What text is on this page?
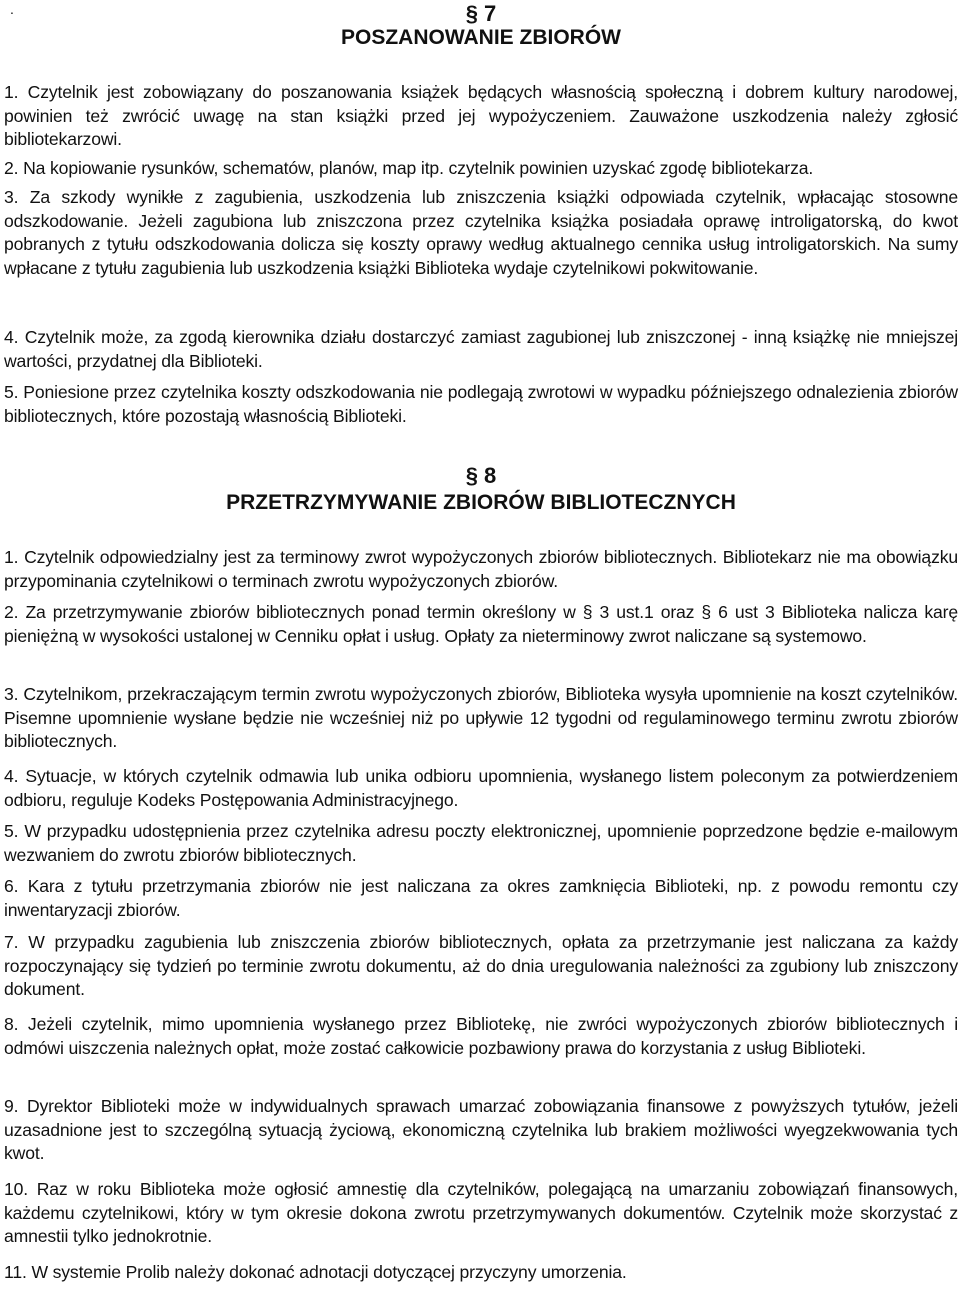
.	§ 7
POSZANOWANIE ZBIORÓW

1. Czytelnik jest zobowiązany do poszanowania książek będących własnością społeczną i dobrem kultury narodowej, powinien też zwrócić uwagę na stan książki przed jej wypożyczeniem. Zauważone uszkodzenia należy zgłosić bibliotekarzowi.

2. Na kopiowanie rysunków, schematów, planów, map itp. czytelnik powinien uzyskać zgodę bibliotekarza.

3. Za szkody wynikłe z zagubienia, uszkodzenia lub zniszczenia książki odpowiada czytelnik, wpłacając stosowne odszkodowanie. Jeżeli zagubiona lub zniszczona przez czytelnika książka posiadała oprawę introligatorską, do kwot pobranych z tytułu odszkodowania dolicza się koszty oprawy według aktualnego cennika usług introligatorskich. Na sumy wpłacane z tytułu zagubienia lub uszkodzenia książki Biblioteka wydaje czytelnikowi pokwitowanie.

4. Czytelnik może, za zgodą kierownika działu dostarczyć zamiast zagubionej lub zniszczonej - inną książkę nie mniejszej wartości, przydatnej dla Biblioteki.

5. Poniesione przez czytelnika koszty odszkodowania nie podlegają zwrotowi w wypadku późniejszego odnalezienia zbiorów bibliotecznych, które pozostają własnością Biblioteki.

§ 8
PRZETRZYMYWANIE ZBIORÓW BIBLIOTECZNYCH

1. Czytelnik odpowiedzialny jest za terminowy zwrot wypożyczonych zbiorów bibliotecznych. Bibliotekarz nie ma obowiązku przypominania czytelnikowi o terminach zwrotu wypożyczonych zbiorów.

2. Za przetrzymywanie zbiorów bibliotecznych ponad termin określony w § 3 ust.1 oraz § 6 ust 3 Biblioteka nalicza karę pieniężną w wysokości ustalonej w Cenniku opłat i usług. Opłaty za nieterminowy zwrot naliczane są systemowo.

3. Czytelnikom, przekraczającym termin zwrotu wypożyczonych zbiorów, Biblioteka wysyła upomnienie na koszt czytelników. Pisemne upomnienie wysłane będzie nie wcześniej niż po upływie 12 tygodni od regulaminowego terminu zwrotu zbiorów bibliotecznych.

4. Sytuacje, w których czytelnik odmawia lub unika odbioru upomnienia, wysłanego listem poleconym za potwierdzeniem odbioru, reguluje Kodeks Postępowania Administracyjnego.

5. W przypadku udostępnienia przez czytelnika adresu poczty elektronicznej, upomnienie poprzedzone będzie e-mailowym wezwaniem do zwrotu zbiorów bibliotecznych.

6. Kara z tytułu przetrzymania zbiorów nie jest naliczana za okres zamknięcia Biblioteki, np. z powodu remontu czy inwentaryzacji zbiorów.

7. W przypadku zagubienia lub zniszczenia zbiorów bibliotecznych, opłata za przetrzymanie jest naliczana za każdy rozpoczynający się tydzień po terminie zwrotu dokumentu, aż do dnia uregulowania należności za zgubiony lub zniszczony dokument.

8. Jeżeli czytelnik, mimo upomnienia wysłanego przez Bibliotekę, nie zwróci wypożyczonych zbiorów bibliotecznych i odmówi uiszczenia należnych opłat, może zostać całkowicie pozbawiony prawa do korzystania z usług Biblioteki.

9. Dyrektor Biblioteki może w indywidualnych sprawach umarzać zobowiązania finansowe z powyższych tytułów, jeżeli uzasadnione jest to szczególną sytuacją życiową, ekonomiczną czytelnika lub brakiem możliwości wyegzekwowania tych kwot.

10. Raz w roku Biblioteka może ogłosić amnestię dla czytelników, polegającą na umarzaniu zobowiązań finansowych, każdemu czytelnikowi, który w tym okresie dokona zwrotu przetrzymywanych dokumentów. Czytelnik może skorzystać z amnestii tylko jednokrotnie.

11. W systemie Prolib należy dokonać adnotacji dotyczącej przyczyny umorzenia.
